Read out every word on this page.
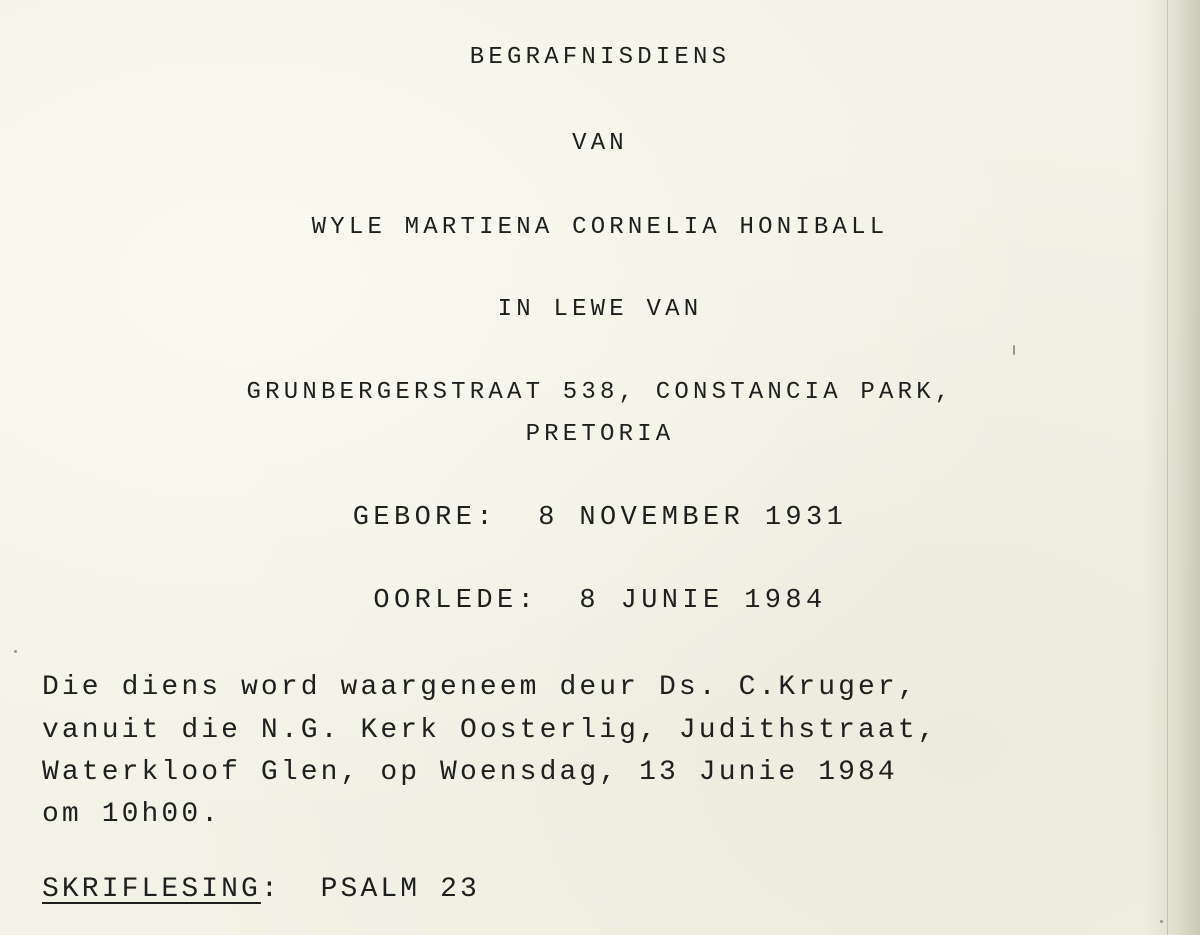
BEGRAFNISDIENS
VAN
WYLE MARTIENA CORNELIA HONIBALL
IN LEWE VAN
GRUNBERGERSTRAAT 538, CONSTANCIA PARK,
PRETORIA
GEBORE:  8 NOVEMBER 1931
OORLEDE:  8 JUNIE 1984
Die diens word waargeneem deur Ds. C.Kruger,
vanuit die N.G. Kerk Oosterlig, Judithstraat,
Waterkloof Glen, op Woensdag, 13 Junie 1984
om 10h00.
SKRIFLESING: PSALM 23
